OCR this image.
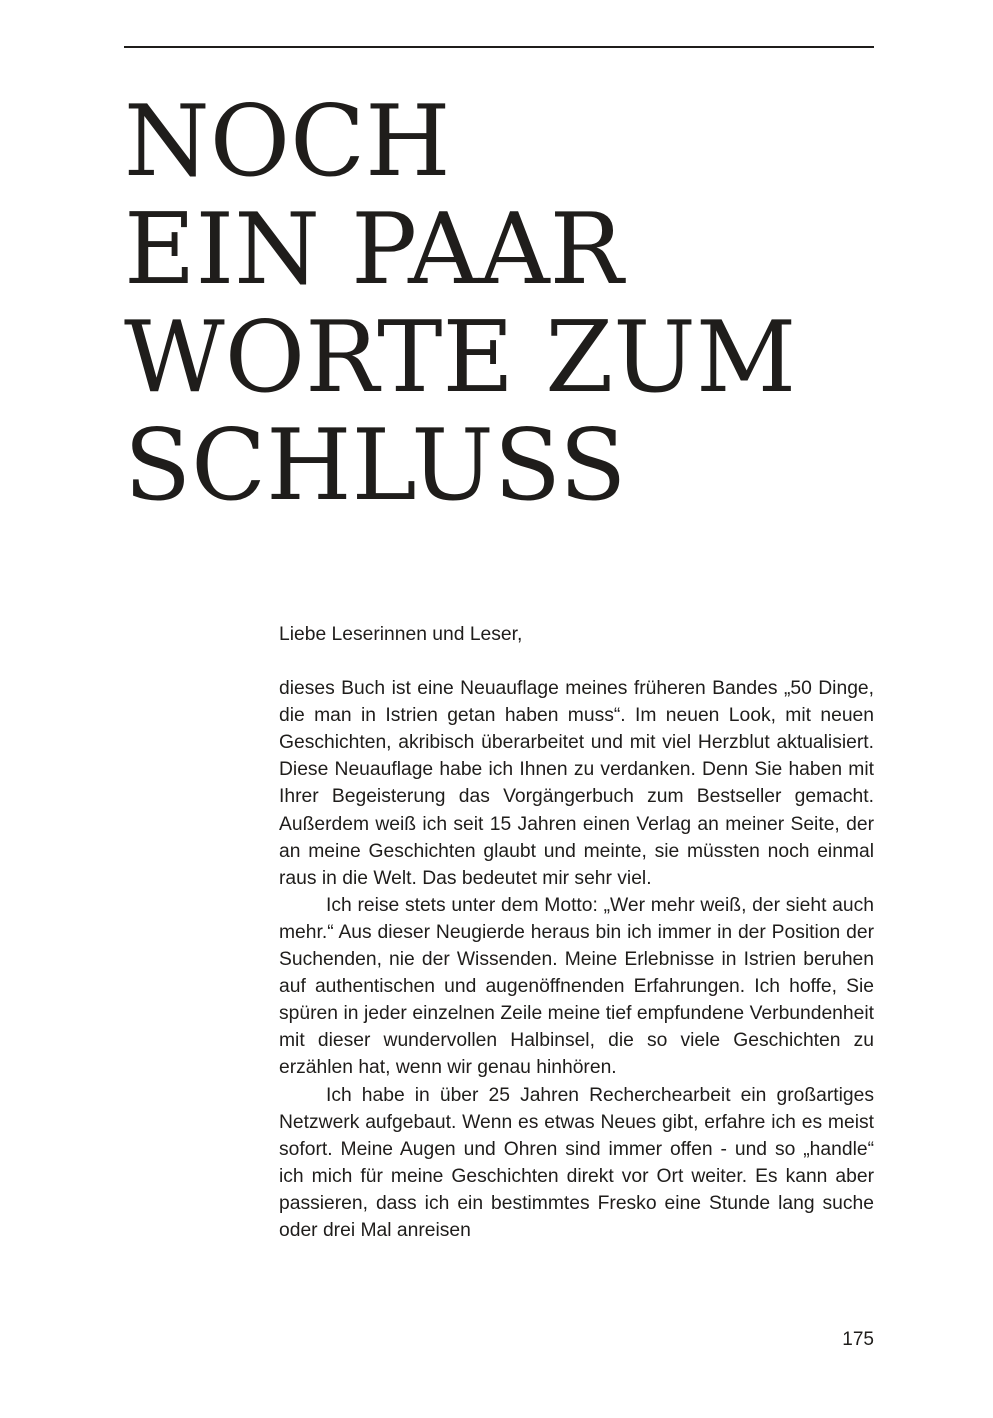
NOCH
EIN PAAR
WORTE ZUM
SCHLUSS

Liebe Leserinnen und Leser,

dieses Buch ist eine Neuauflage meines früheren Bandes „50 Dinge, die man in Istrien getan haben muss“. Im neuen Look, mit neuen Geschichten, akribisch überarbeitet und mit viel Herzblut aktualisiert. Diese Neuauflage habe ich Ihnen zu verdanken. Denn Sie haben mit Ihrer Begeisterung das Vorgängerbuch zum Bestseller gemacht. Außerdem weiß ich seit 15 Jahren einen Verlag an meiner Seite, der an meine Geschichten glaubt und meinte, sie müssten noch einmal raus in die Welt. Das bedeutet mir sehr viel.

Ich reise stets unter dem Motto: „Wer mehr weiß, der sieht auch mehr.“ Aus dieser Neugierde heraus bin ich immer in der Position der Suchenden, nie der Wissenden. Meine Erlebnisse in Istrien beruhen auf authentischen und augenöffnenden Erfahrungen. Ich hoffe, Sie spüren in jeder einzelnen Zeile meine tief empfundene Verbundenheit mit dieser wundervollen Halbinsel, die so viele Geschichten zu erzählen hat, wenn wir genau hinhören.

Ich habe in über 25 Jahren Recherchearbeit ein großartiges Netzwerk aufgebaut. Wenn es etwas Neues gibt, erfahre ich es meist sofort. Meine Augen und Ohren sind immer offen - und so „handle“ ich mich für meine Geschichten direkt vor Ort weiter. Es kann aber passieren, dass ich ein bestimmtes Fresko eine Stunde lang suche oder drei Mal anreisen

175
